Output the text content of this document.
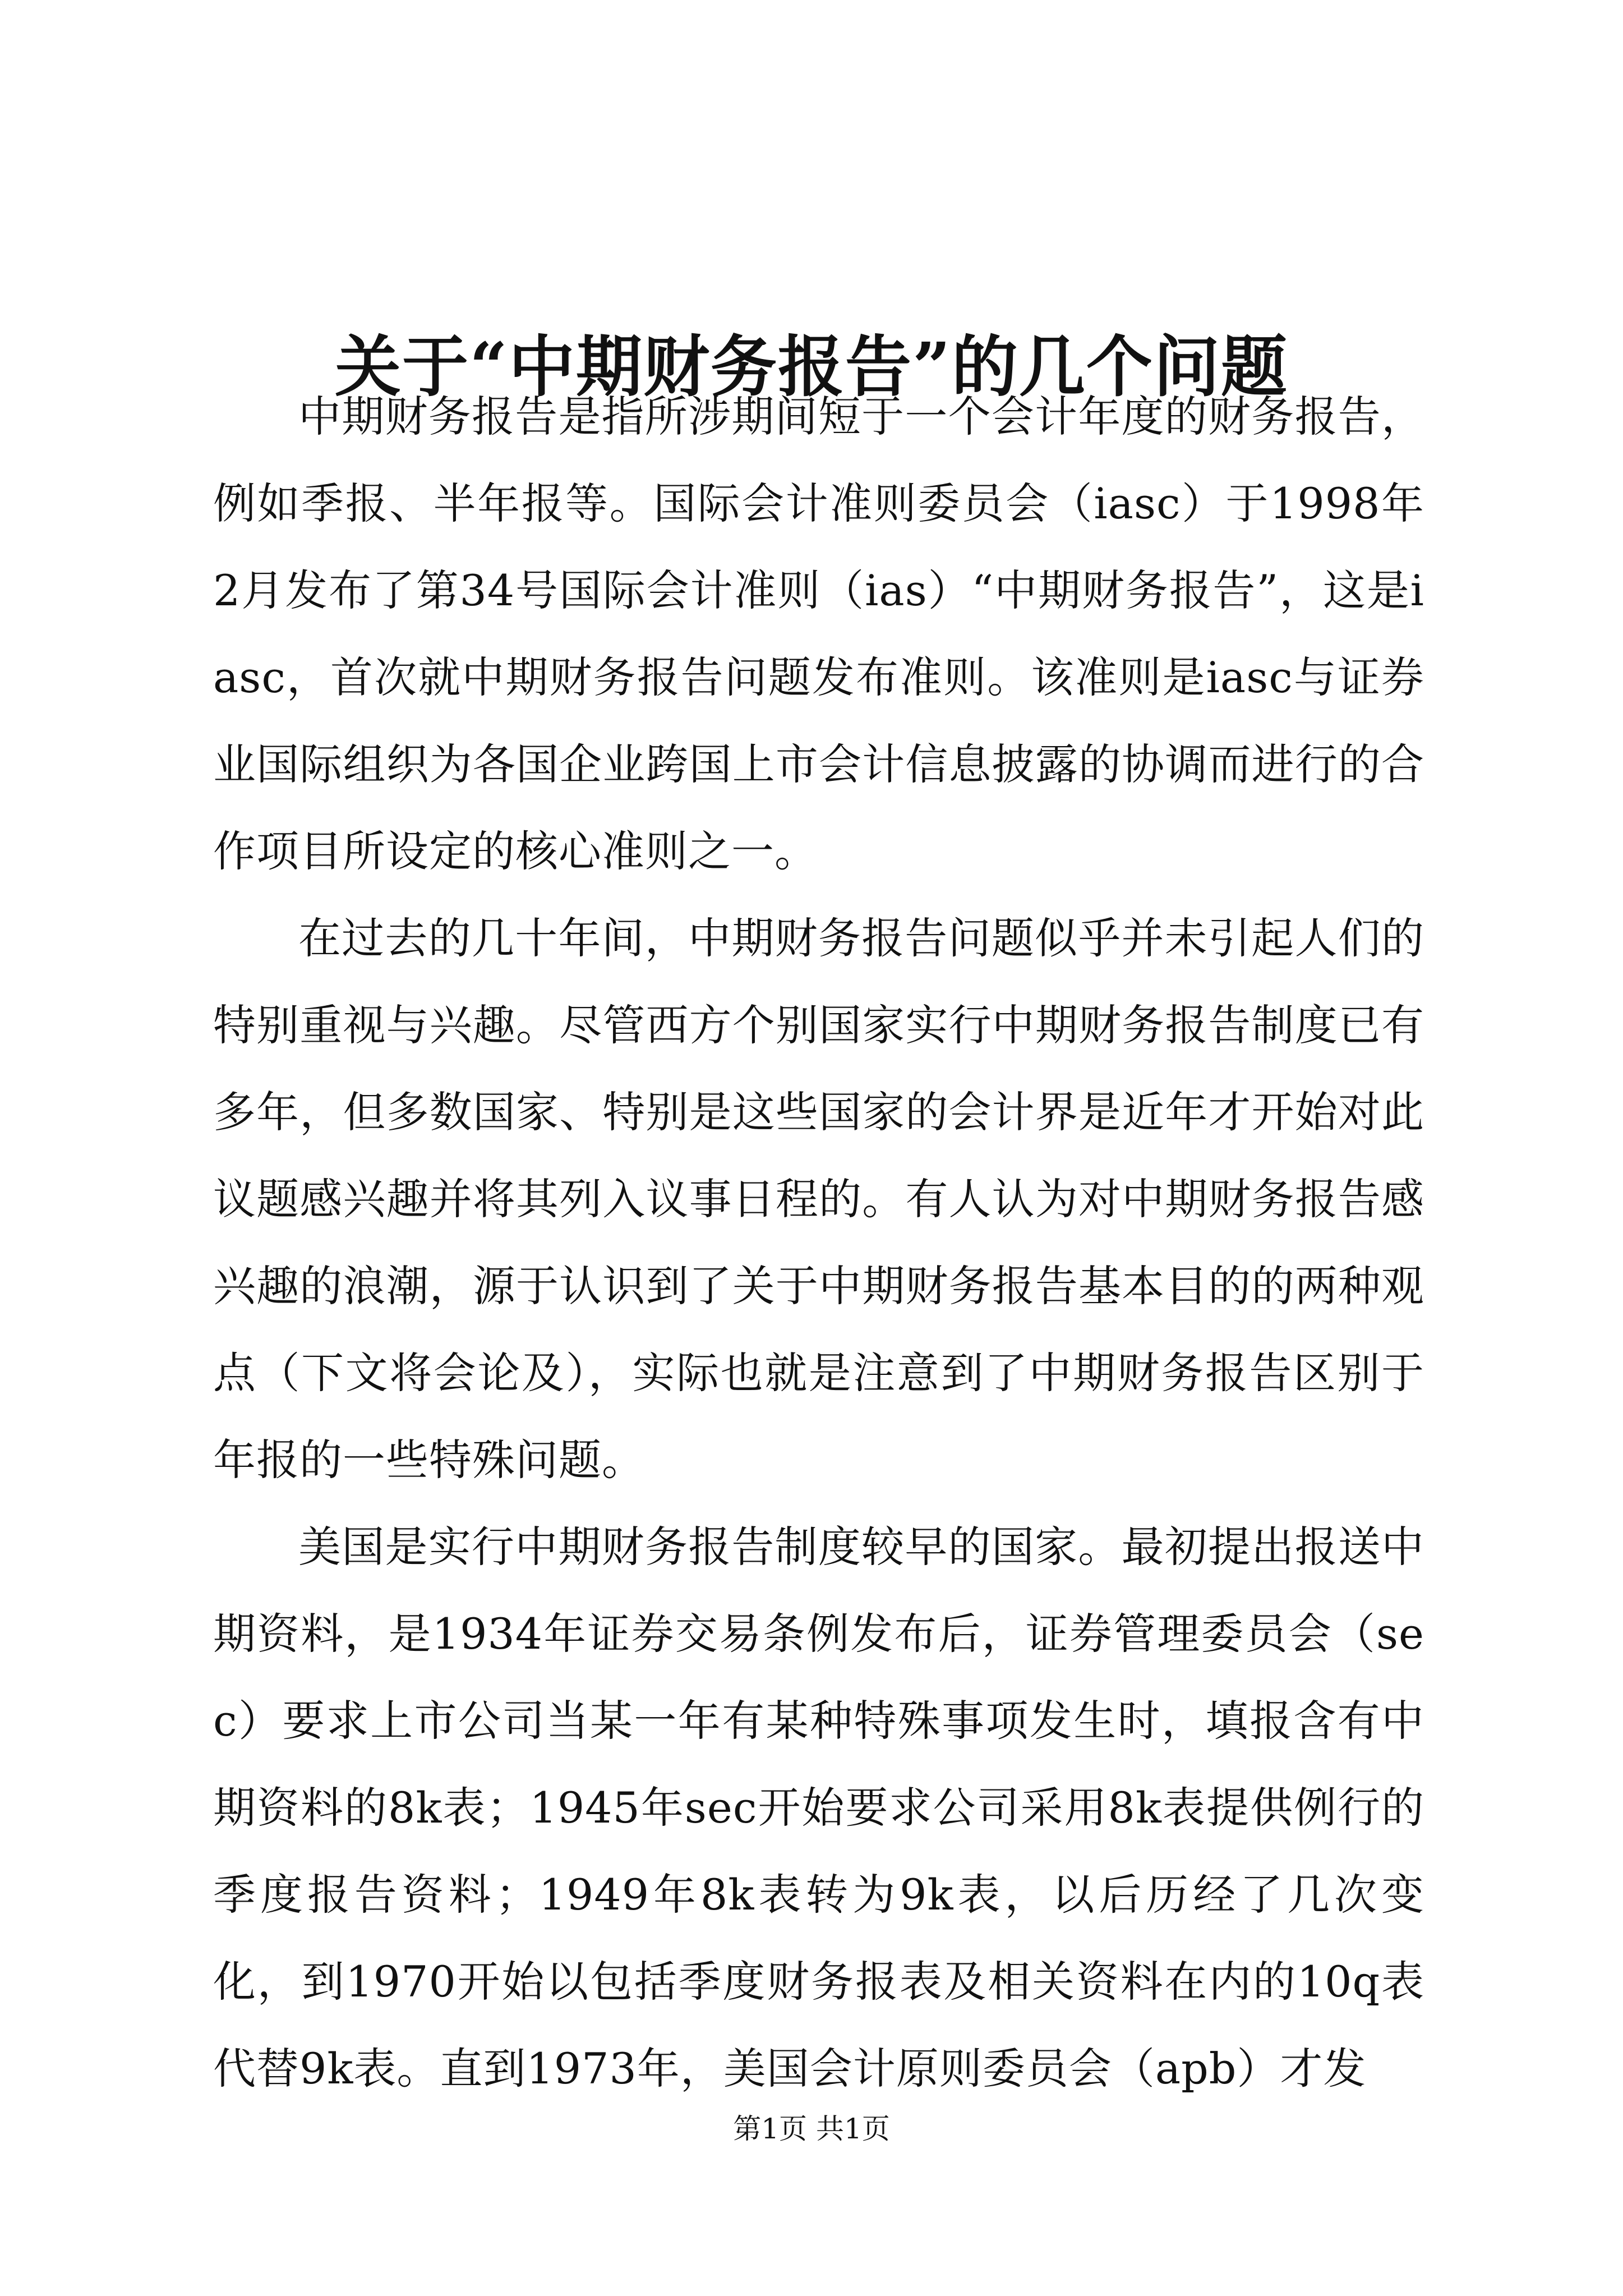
关于“中期财务报告”的几个问题

中期财务报告是指所涉期间短于一个会计年度的财务报告，例如季报、半年报等。国际会计准则委员会（iasc）于1998年2月发布了第34号国际会计准则（ias）“中期财务报告”，这是iasc，首次就中期财务报告问题发布准则。该准则是iasc与证券业国际组织为各国企业跨国上市会计信息披露的协调而进行的合作项目所设定的核心准则之一。

在过去的几十年间，中期财务报告问题似乎并未引起人们的特别重视与兴趣。尽管西方个别国家实行中期财务报告制度已有多年，但多数国家、特别是这些国家的会计界是近年才开始对此议题感兴趣并将其列入议事日程的。有人认为对中期财务报告感兴趣的浪潮，源于认识到了关于中期财务报告基本目的的两种观点（下文将会论及），实际也就是注意到了中期财务报告区别于年报的一些特殊问题。

美国是实行中期财务报告制度较早的国家。最初提出报送中期资料，是1934年证券交易条例发布后，证券管理委员会（sec）要求上市公司当某一年有某种特殊事项发生时，填报含有中期资料的8k表；1945年sec开始要求公司采用8k表提供例行的季度报告资料；1949年8k表转为9k表，以后历经了几次变化，到1970开始以包括季度财务报表及相关资料在内的10q表代替9k表。直到1973年，美国会计原则委员会（apb）才发

第1页 共1页
